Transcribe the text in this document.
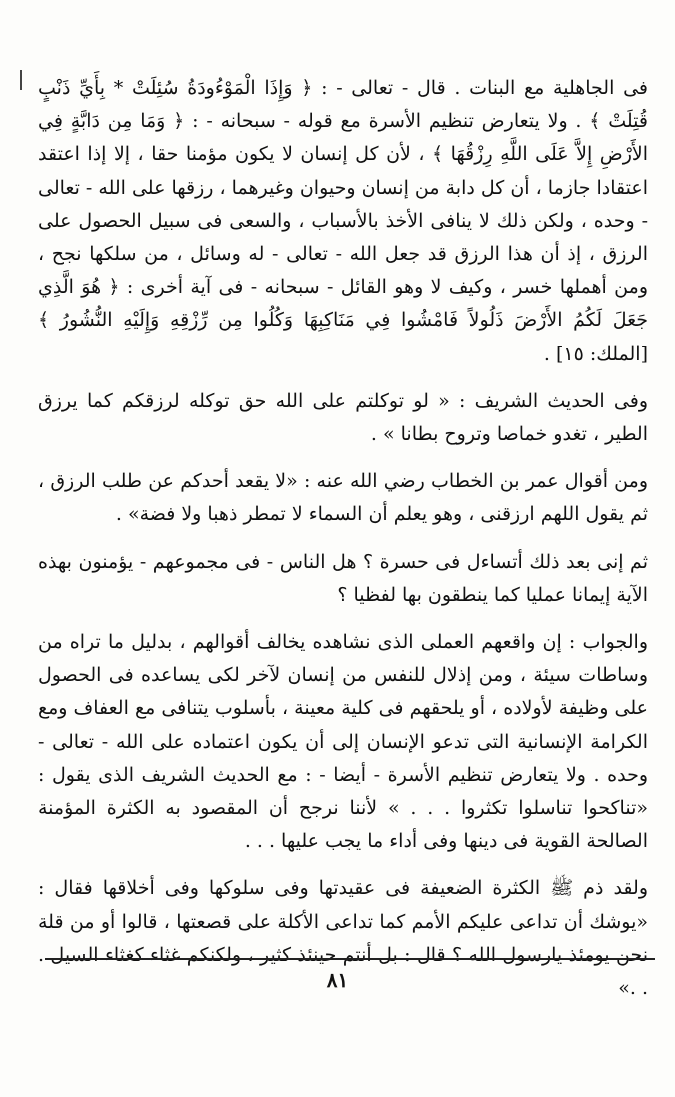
فى الجاهلية مع البنات . قال - تعالى - : ﴿ وَإِذَا الْمَوْءُودَةُ سُئِلَتْ * بِأَيِّ ذَنْبٍ قُتِلَتْ ﴾ . ولا يتعارض تنظيم الأسرة مع قوله - سبحانه - : ﴿ وَمَا مِن دَابَّةٍ فِي الأَرْضِ إِلاَّ عَلَى اللَّهِ رِزْقُهَا ﴾ ، لأن كل إنسان لا يكون مؤمنا حقا ، إلا إذا اعتقد اعتقادا جازما ، أن كل دابة من إنسان وحيوان وغيرهما ، رزقها على الله - تعالى - وحده ، ولكن ذلك لا ينافى الأخذ بالأسباب ، والسعى فى سبيل الحصول على الرزق ، إذ أن هذا الرزق قد جعل الله - تعالى - له وسائل ، من سلكها نجح ، ومن أهملها خسر ، وكيف لا وهو القائل - سبحانه - فى آية أخرى : ﴿ هُوَ الَّذِي جَعَلَ لَكُمُ الأَرْضَ ذَلُولاً فَامْشُوا فِي مَنَاكِبِهَا وَكُلُوا مِن رِّزْقِهِ وَإِلَيْهِ النُّشُورُ ﴾ [الملك: ١٥] .

وفى الحديث الشريف : « لو توكلتم على الله حق توكله لرزقكم كما يرزق الطير ، تغدو خماصا وتروح بطانا » .

ومن أقوال عمر بن الخطاب رضي الله عنه : «لا يقعد أحدكم عن طلب الرزق ، ثم يقول اللهم ارزقنى ، وهو يعلم أن السماء لا تمطر ذهبا ولا فضة» .

ثم إنى بعد ذلك أتساءل فى حسرة ؟ هل الناس - فى مجموعهم - يؤمنون بهذه الآية إيمانا عمليا كما ينطقون بها لفظيا ؟

والجواب : إن واقعهم العملى الذى نشاهده يخالف أقوالهم ، بدليل ما تراه من وساطات سيئة ، ومن إذلال للنفس من إنسان لآخر لكى يساعده فى الحصول على وظيفة لأولاده ، أو يلحقهم فى كلية معينة ، بأسلوب يتنافى مع العفاف ومع الكرامة الإنسانية التى تدعو الإنسان إلى أن يكون اعتماده على الله - تعالى - وحده . ولا يتعارض تنظيم الأسرة - أيضا - : مع الحديث الشريف الذى يقول : «تناكحوا تناسلوا تكثروا . . . » لأننا نرجح أن المقصود به الكثرة المؤمنة الصالحة القوية فى دينها وفى أداء ما يجب عليها . . .

ولقد ذم ﷺ الكثرة الضعيفة فى عقيدتها وفى سلوكها وفى أخلاقها فقال : «يوشك أن تداعى عليكم الأمم كما تداعى الأكلة على قصعتها ، قالوا أو من قلة نحن يومئذ يارسول الله ؟ قال : بل أنتم حينئذ كثير ، ولكنكم غثاء كغثاء السيل . . .»

٨١
